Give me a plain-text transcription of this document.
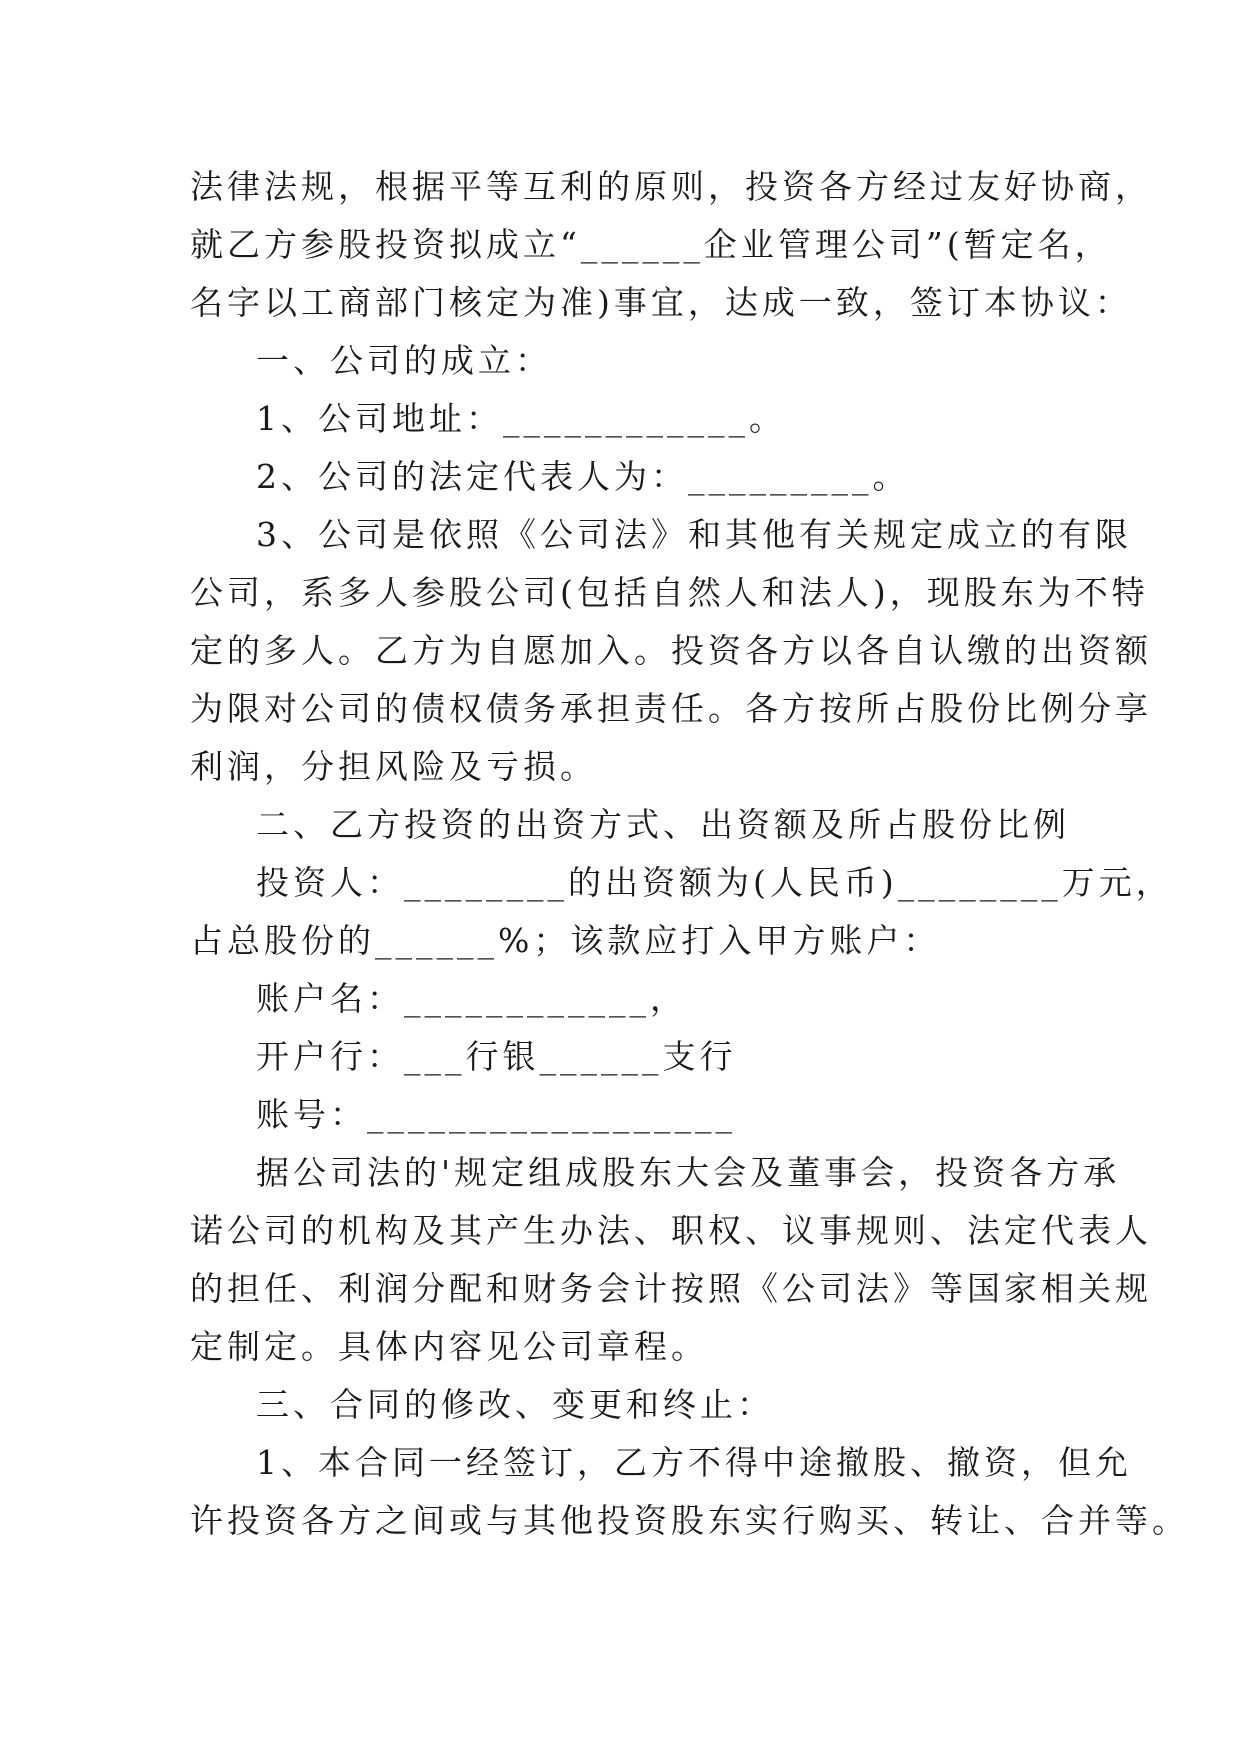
法律法规，根据平等互利的原则，投资各方经过友好协商，
就乙方参股投资拟成立“______企业管理公司”(暂定名，
名字以工商部门核定为准)事宜，达成一致，签订本协议：
一、公司的成立：
1、公司地址：____________。
2、公司的法定代表人为：_________。
3、公司是依照《公司法》和其他有关规定成立的有限
公司，系多人参股公司(包括自然人和法人)，现股东为不特
定的多人。乙方为自愿加入。投资各方以各自认缴的出资额
为限对公司的债权债务承担责任。各方按所占股份比例分享
利润，分担风险及亏损。
二、乙方投资的出资方式、出资额及所占股份比例
投资人：________的出资额为(人民币)________万元，
占总股份的______%；该款应打入甲方账户：
账户名：____________，
开户行：___行银______支行
账号：__________________
据公司法的'规定组成股东大会及董事会，投资各方承
诺公司的机构及其产生办法、职权、议事规则、法定代表人
的担任、利润分配和财务会计按照《公司法》等国家相关规
定制定。具体内容见公司章程。
三、合同的修改、变更和终止：
1、本合同一经签订，乙方不得中途撤股、撤资，但允
许投资各方之间或与其他投资股东实行购买、转让、合并等。
